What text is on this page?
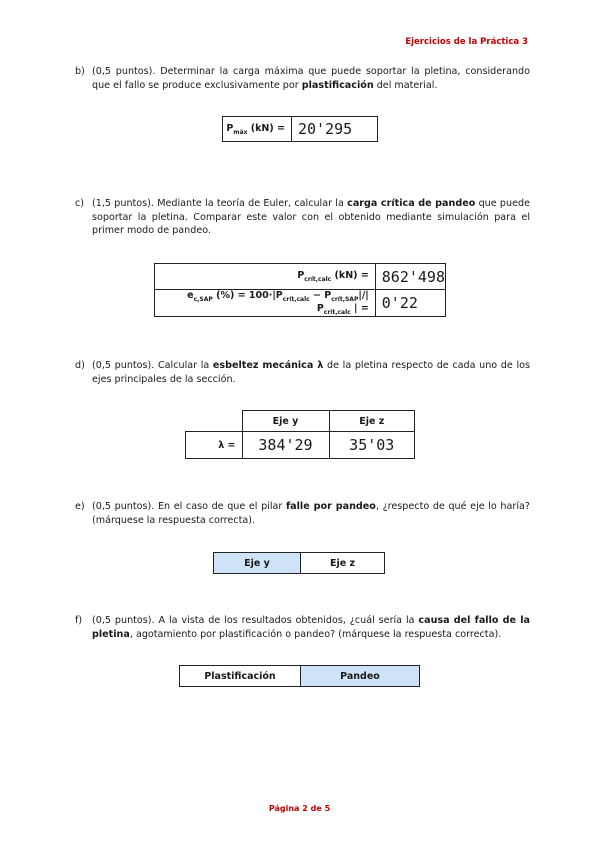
Ejercicios de la Práctica 3
b) (0,5 puntos). Determinar la carga máxima que puede soportar la pletina, considerando que el fallo se produce exclusivamente por plastificación del material.
$P_{máx}$ (kN) =	20'295
c) (1,5 puntos). Mediante la teoría de Euler, calcular la carga crítica de pandeo que puede soportar la pletina. Comparar este valor con el obtenido mediante simulación para el primer modo de pandeo.
$P_{crít,calc}$ (kN) =	862'498
$e_{c,SAP}$ (%) = $100\cdot|P_{crít,calc} - P_{crít,SAP}|/|$ $P_{crít,calc}$ | =	0'22
d) (0,5 puntos). Calcular la esbeltez mecánica λ de la pletina respecto de cada uno de los ejes principales de la sección.
	Eje y	Eje z
λ =	384'29	35'03
e) (0,5 puntos). En el caso de que el pilar falle por pandeo, ¿respecto de qué eje lo haría? (márquese la respuesta correcta).
Eje y	Eje z
f) (0,5 puntos). A la vista de los resultados obtenidos, ¿cuál sería la causa del fallo de la pletina, agotamiento por plastificación o pandeo? (márquese la respuesta correcta).
Plastificación	Pandeo
Página 2 de 5
